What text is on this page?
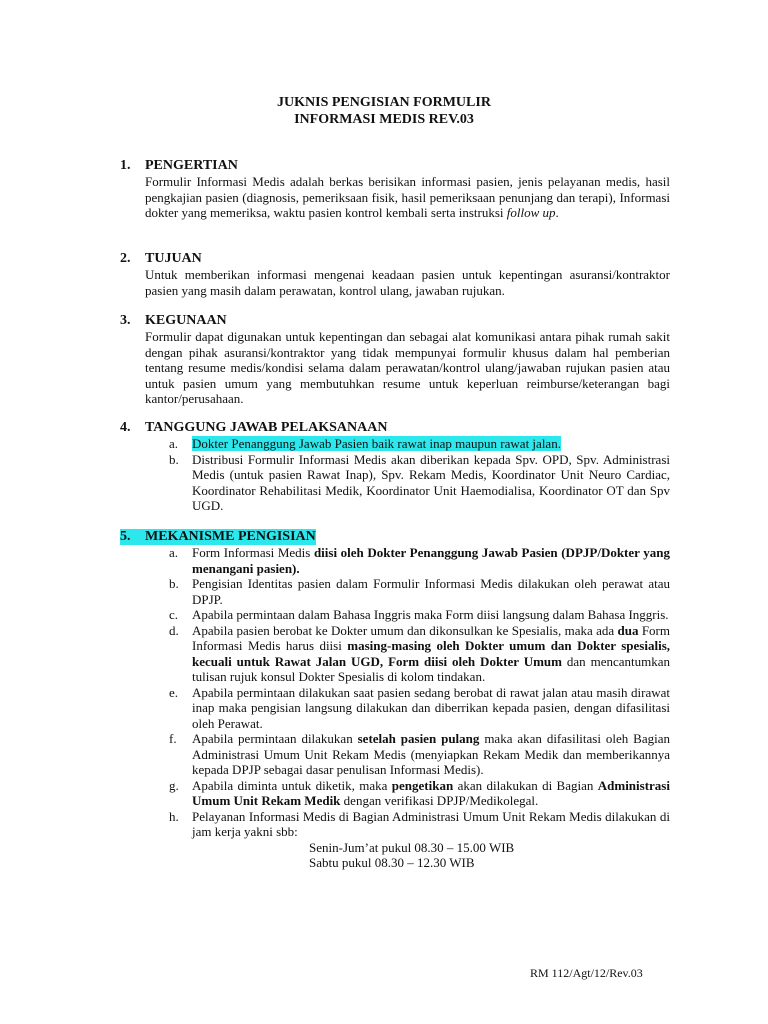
JUKNIS PENGISIAN FORMULIR
INFORMASI MEDIS REV.03
1.	PENGERTIAN
Formulir Informasi Medis adalah berkas berisikan informasi pasien, jenis pelayanan medis, hasil pengkajian pasien (diagnosis, pemeriksaan fisik, hasil pemeriksaan penunjang dan terapi), Informasi dokter yang memeriksa, waktu pasien kontrol kembali serta instruksi follow up.
2.	TUJUAN
Untuk memberikan informasi mengenai keadaan pasien untuk kepentingan asuransi/kontraktor pasien yang masih dalam perawatan, kontrol ulang, jawaban rujukan.
3.	KEGUNAAN
Formulir dapat digunakan untuk kepentingan dan sebagai alat komunikasi antara pihak rumah sakit dengan pihak asuransi/kontraktor yang tidak mempunyai formulir khusus dalam hal pemberian tentang resume medis/kondisi selama dalam perawatan/kontrol ulang/jawaban rujukan pasien atau untuk pasien umum yang membutuhkan resume untuk keperluan reimburse/keterangan bagi kantor/perusahaan.
4.	TANGGUNG JAWAB PELAKSANAAN
a.	Dokter Penanggung Jawab Pasien baik rawat inap maupun rawat jalan.
b.	Distribusi Formulir Informasi Medis akan diberikan kepada Spv. OPD, Spv. Administrasi Medis (untuk pasien Rawat Inap), Spv. Rekam Medis, Koordinator Unit Neuro Cardiac, Koordinator Rehabilitasi Medik, Koordinator Unit Haemodialisa, Koordinator OT dan Spv UGD.
5. MEKANISME PENGISIAN
a.	Form Informasi Medis diisi oleh Dokter Penanggung Jawab Pasien (DPJP/Dokter yang menangani pasien).
b.	Pengisian Identitas pasien dalam Formulir Informasi Medis dilakukan oleh perawat atau DPJP.
c.	Apabila permintaan dalam Bahasa Inggris maka Form diisi langsung dalam Bahasa Inggris.
d.	Apabila pasien berobat ke Dokter umum dan dikonsulkan ke Spesialis, maka ada dua Form Informasi Medis harus diisi masing-masing oleh Dokter umum dan Dokter spesialis, kecuali untuk Rawat Jalan UGD, Form diisi oleh Dokter Umum dan mencantumkan tulisan rujuk konsul Dokter Spesialis di kolom tindakan.
e.	Apabila permintaan dilakukan saat pasien sedang berobat di rawat jalan atau masih dirawat inap maka pengisian langsung dilakukan dan diberrikan kepada pasien, dengan difasilitasi oleh Perawat.
f.	Apabila permintaan dilakukan setelah pasien pulang maka akan difasilitasi oleh Bagian Administrasi Umum Unit Rekam Medis (menyiapkan Rekam Medik dan memberikannya kepada DPJP sebagai dasar penulisan Informasi Medis).
g.	Apabila diminta untuk diketik, maka pengetikan akan dilakukan di Bagian Administrasi Umum Unit Rekam Medik dengan verifikasi DPJP/Medikolegal.
h.	Pelayanan Informasi Medis di Bagian Administrasi Umum Unit Rekam Medis dilakukan di jam kerja yakni sbb:
Senin-Jum’at pukul 08.30 – 15.00 WIB
Sabtu pukul 08.30 – 12.30 WIB
RM 112/Agt/12/Rev.03
